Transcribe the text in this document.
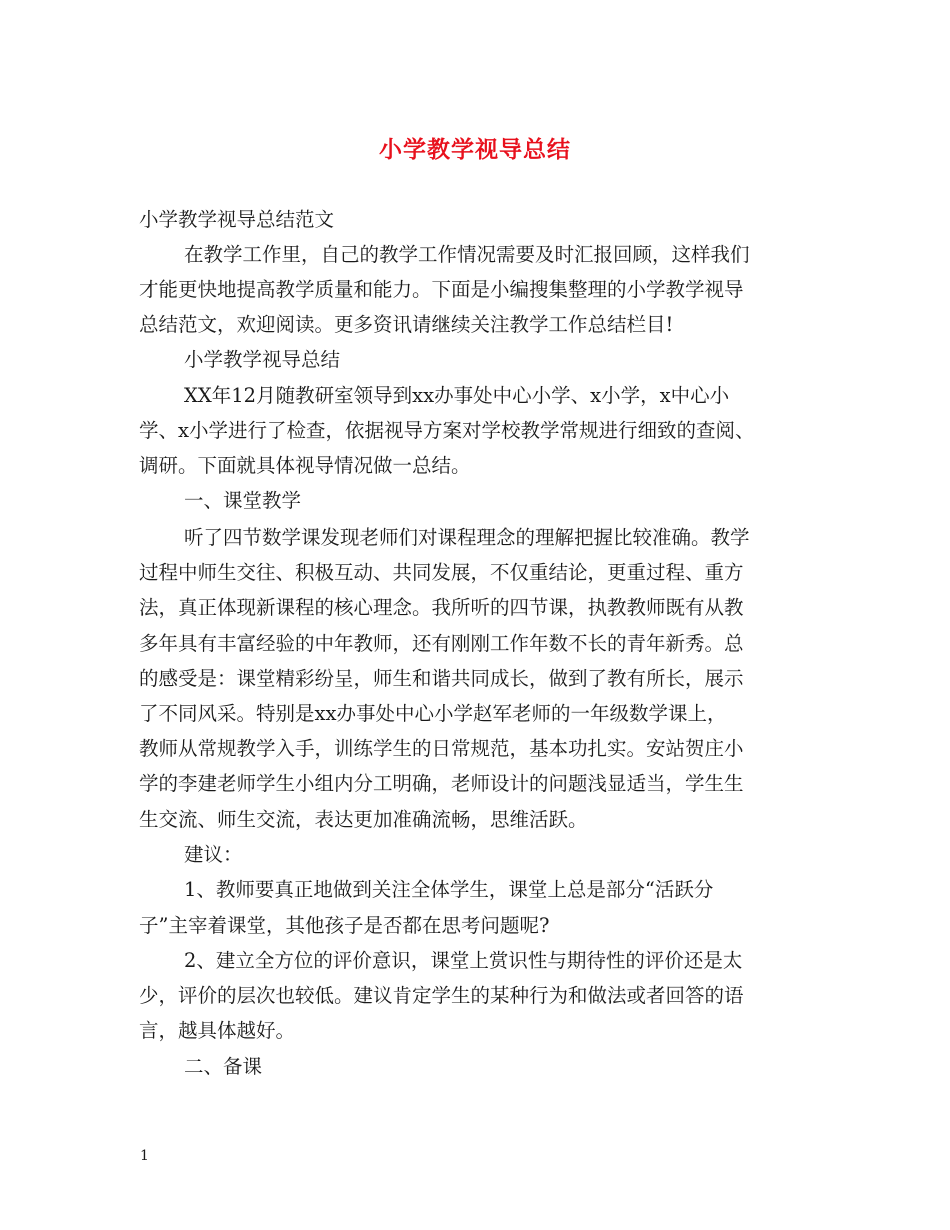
小学教学视导总结

小学教学视导总结范文

在教学工作里，自己的教学工作情况需要及时汇报回顾，这样我们

才能更快地提高教学质量和能力。下面是小编搜集整理的小学教学视导

总结范文，欢迎阅读。更多资讯请继续关注教学工作总结栏目!

小学教学视导总结

XX年12月随教研室领导到xx办事处中心小学、x小学，x中心小

学、x小学进行了检查，依据视导方案对学校教学常规进行细致的查阅、

调研。下面就具体视导情况做一总结。

一、课堂教学

听了四节数学课发现老师们对课程理念的理解把握比较准确。教学

过程中师生交往、积极互动、共同发展，不仅重结论，更重过程、重方

法，真正体现新课程的核心理念。我所听的四节课，执教教师既有从教

多年具有丰富经验的中年教师，还有刚刚工作年数不长的青年新秀。总

的感受是：课堂精彩纷呈，师生和谐共同成长，做到了教有所长，展示

了不同风采。特别是xx办事处中心小学赵军老师的一年级数学课上，

教师从常规教学入手，训练学生的日常规范，基本功扎实。安站贺庄小

学的李建老师学生小组内分工明确，老师设计的问题浅显适当，学生生

生交流、师生交流，表达更加准确流畅，思维活跃。

建议：

1、教师要真正地做到关注全体学生，课堂上总是部分“活跃分

子”主宰着课堂，其他孩子是否都在思考问题呢?

2、建立全方位的评价意识，课堂上赏识性与期待性的评价还是太

少，评价的层次也较低。建议肯定学生的某种行为和做法或者回答的语

言，越具体越好。

二、备课

1
